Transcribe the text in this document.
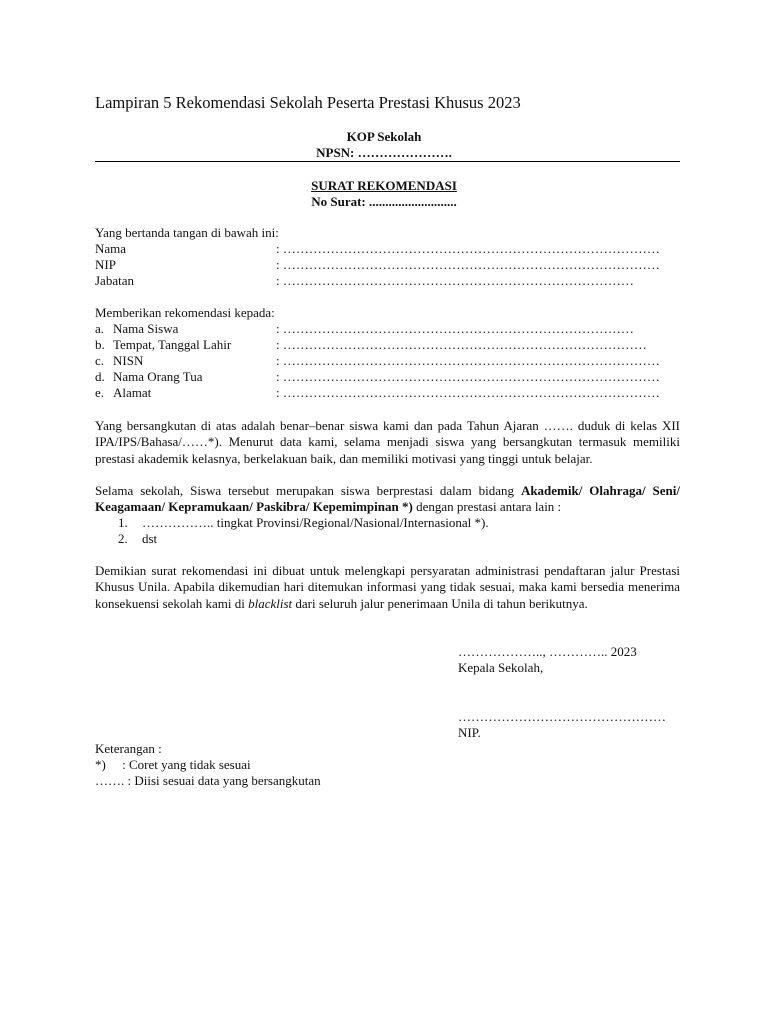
Lampiran 5 Rekomendasi Sekolah Peserta Prestasi Khusus 2023
KOP Sekolah
NPSN: ………………….
SURAT REKOMENDASI
No Surat: ...........................
Yang bertanda tangan di bawah ini:
Nama	: ……………………………………………………………………………
NIP	: ……………………………………………………………………………
Jabatan	: ………………………………………………………………………
Memberikan rekomendasi kepada:
a. Nama Siswa	: ………………………………………………………………………
b. Tempat, Tanggal Lahir	: …………………………………………………………………………
c. NISN	: ……………………………………………………………………………
d. Nama Orang Tua	: ……………………………………………………………………………
e. Alamat	: ……………………………………………………………………………
Yang bersangkutan di atas adalah benar–benar siswa kami dan pada Tahun Ajaran ……. duduk di kelas XII IPA/IPS/Bahasa/……*). Menurut data kami, selama menjadi siswa yang bersangkutan termasuk memiliki prestasi akademik kelasnya, berkelakuan baik, dan memiliki motivasi yang tinggi untuk belajar.
Selama sekolah, Siswa tersebut merupakan siswa berprestasi dalam bidang Akademik/ Olahraga/ Seni/ Keagamaan/ Kepramukaan/ Paskibra/ Kepemimpinan *) dengan prestasi antara lain :
1. …………….. tingkat Provinsi/Regional/Nasional/Internasional *).
2. dst
Demikian surat rekomendasi ini dibuat untuk melengkapi persyaratan administrasi pendaftaran jalur Prestasi Khusus Unila. Apabila dikemudian hari ditemukan informasi yang tidak sesuai, maka kami bersedia menerima konsekuensi sekolah kami di blacklist dari seluruh jalur penerimaan Unila di tahun berikutnya.
……………….., ………….. 2023
Kepala Sekolah,
…………………………………………
NIP.
Keterangan :
*)     : Coret yang tidak sesuai
……. : Diisi sesuai data yang bersangkutan
